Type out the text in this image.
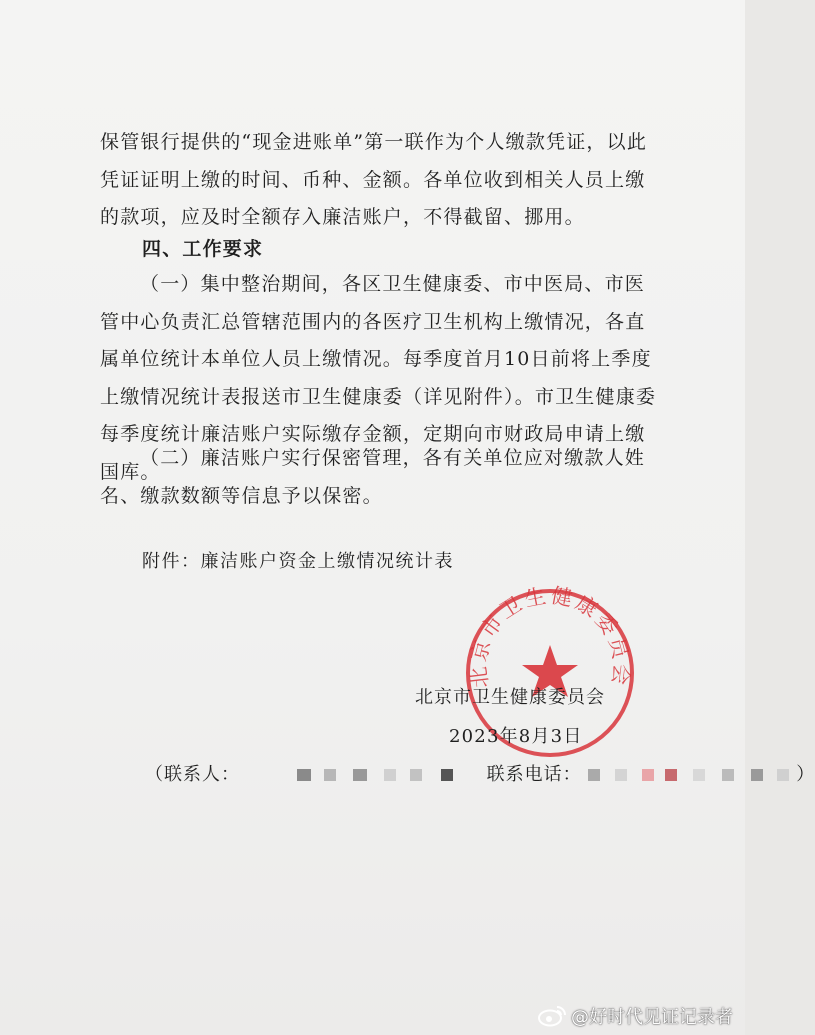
保管银行提供的“现金进账单”第一联作为个人缴款凭证，以此凭证证明上缴的时间、币种、金额。各单位收到相关人员上缴的款项，应及时全额存入廉洁账户，不得截留、挪用。

四、工作要求

（一）集中整治期间，各区卫生健康委、市中医局、市医管中心负责汇总管辖范围内的各医疗卫生机构上缴情况，各直属单位统计本单位人员上缴情况。每季度首月10日前将上季度上缴情况统计表报送市卫生健康委（详见附件）。市卫生健康委每季度统计廉洁账户实际缴存金额，定期向市财政局申请上缴国库。

（二）廉洁账户实行保密管理，各有关单位应对缴款人姓名、缴款数额等信息予以保密。

附件：廉洁账户资金上缴情况统计表

北京市卫生健康委员会

北京市卫生健康委员会

2023年8月3日

（联系人：	联系电话：	）

@好时代见证记录者
